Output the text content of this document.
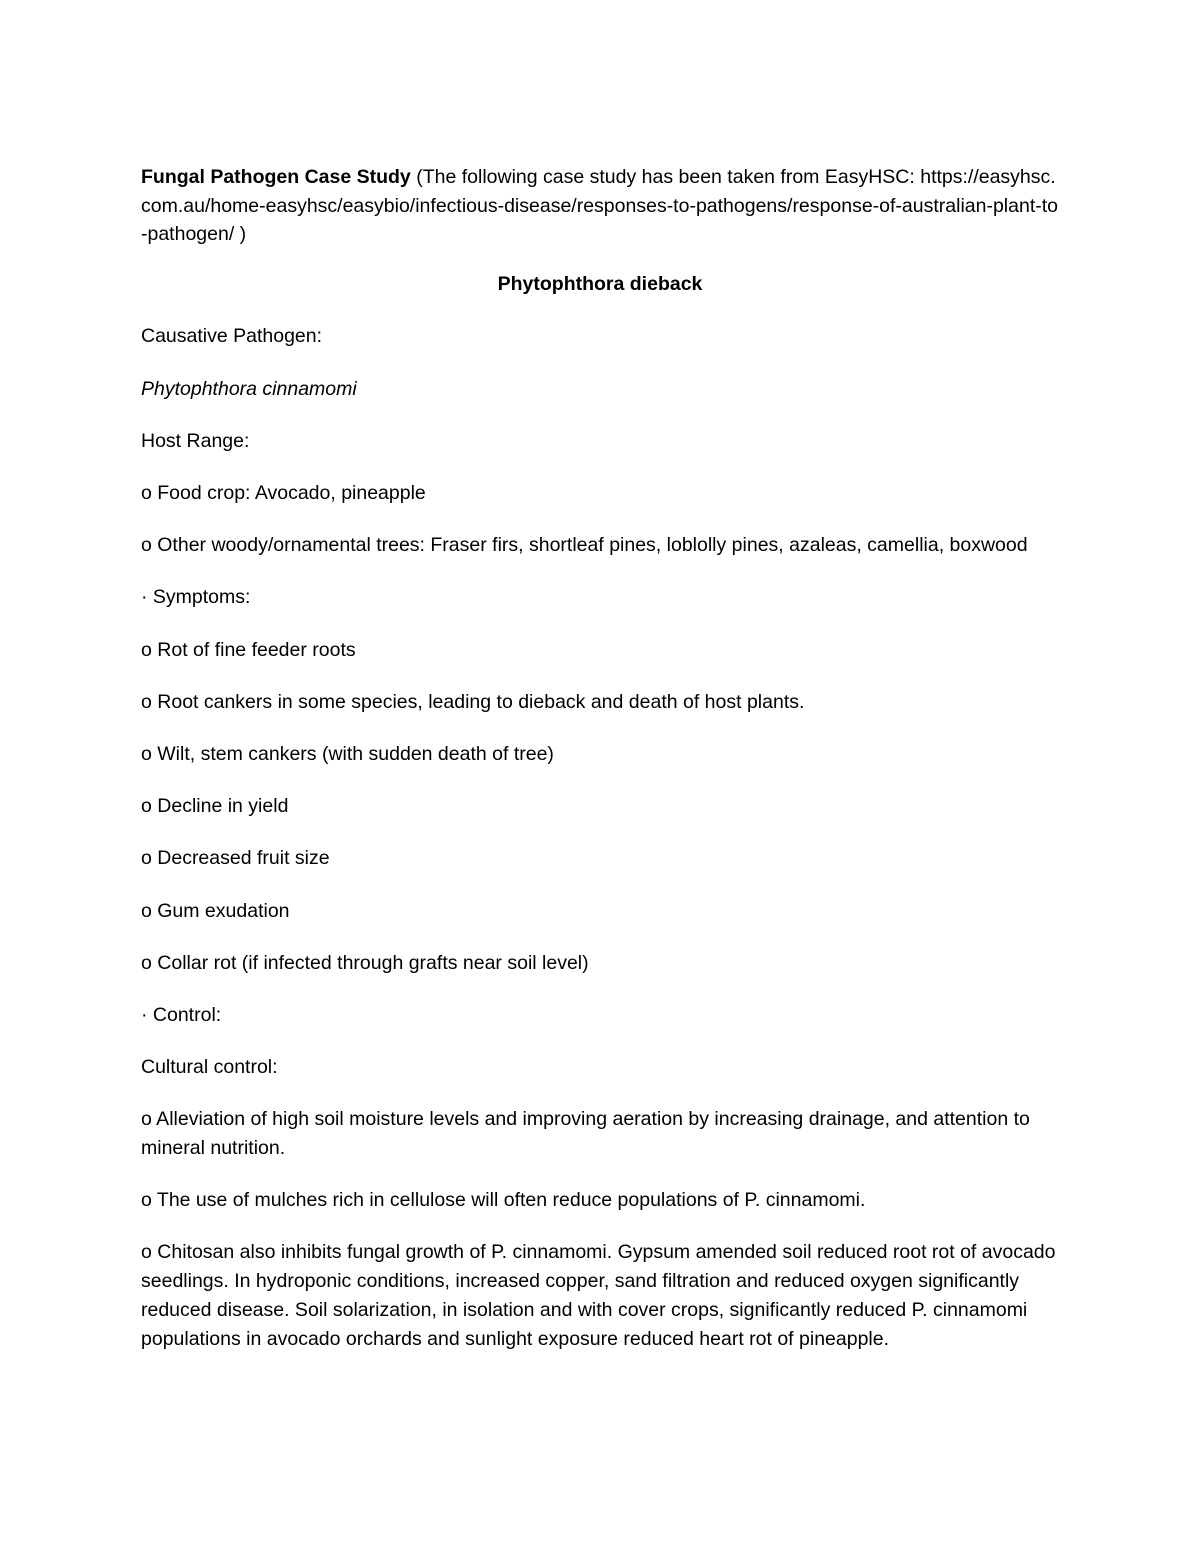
Fungal Pathogen Case Study (The following case study has been taken from EasyHSC: https://easyhsc.com.au/home-easyhsc/easybio/infectious-disease/responses-to-pathogens/response-of-australian-plant-to-pathogen/ )

Phytophthora dieback

Causative Pathogen:

Phytophthora cinnamomi

Host Range:

o Food crop: Avocado, pineapple

o Other woody/ornamental trees: Fraser firs, shortleaf pines, loblolly pines, azaleas, camellia, boxwood

· Symptoms:

o Rot of fine feeder roots

o Root cankers in some species, leading to dieback and death of host plants.

o Wilt, stem cankers (with sudden death of tree)

o Decline in yield

o Decreased fruit size

o Gum exudation

o Collar rot (if infected through grafts near soil level)

· Control:

Cultural control:

o Alleviation of high soil moisture levels and improving aeration by increasing drainage, and attention to mineral nutrition.

o The use of mulches rich in cellulose will often reduce populations of P. cinnamomi.

o Chitosan also inhibits fungal growth of P. cinnamomi. Gypsum amended soil reduced root rot of avocado seedlings. In hydroponic conditions, increased copper, sand filtration and reduced oxygen significantly reduced disease. Soil solarization, in isolation and with cover crops, significantly reduced P. cinnamomi populations in avocado orchards and sunlight exposure reduced heart rot of pineapple.
